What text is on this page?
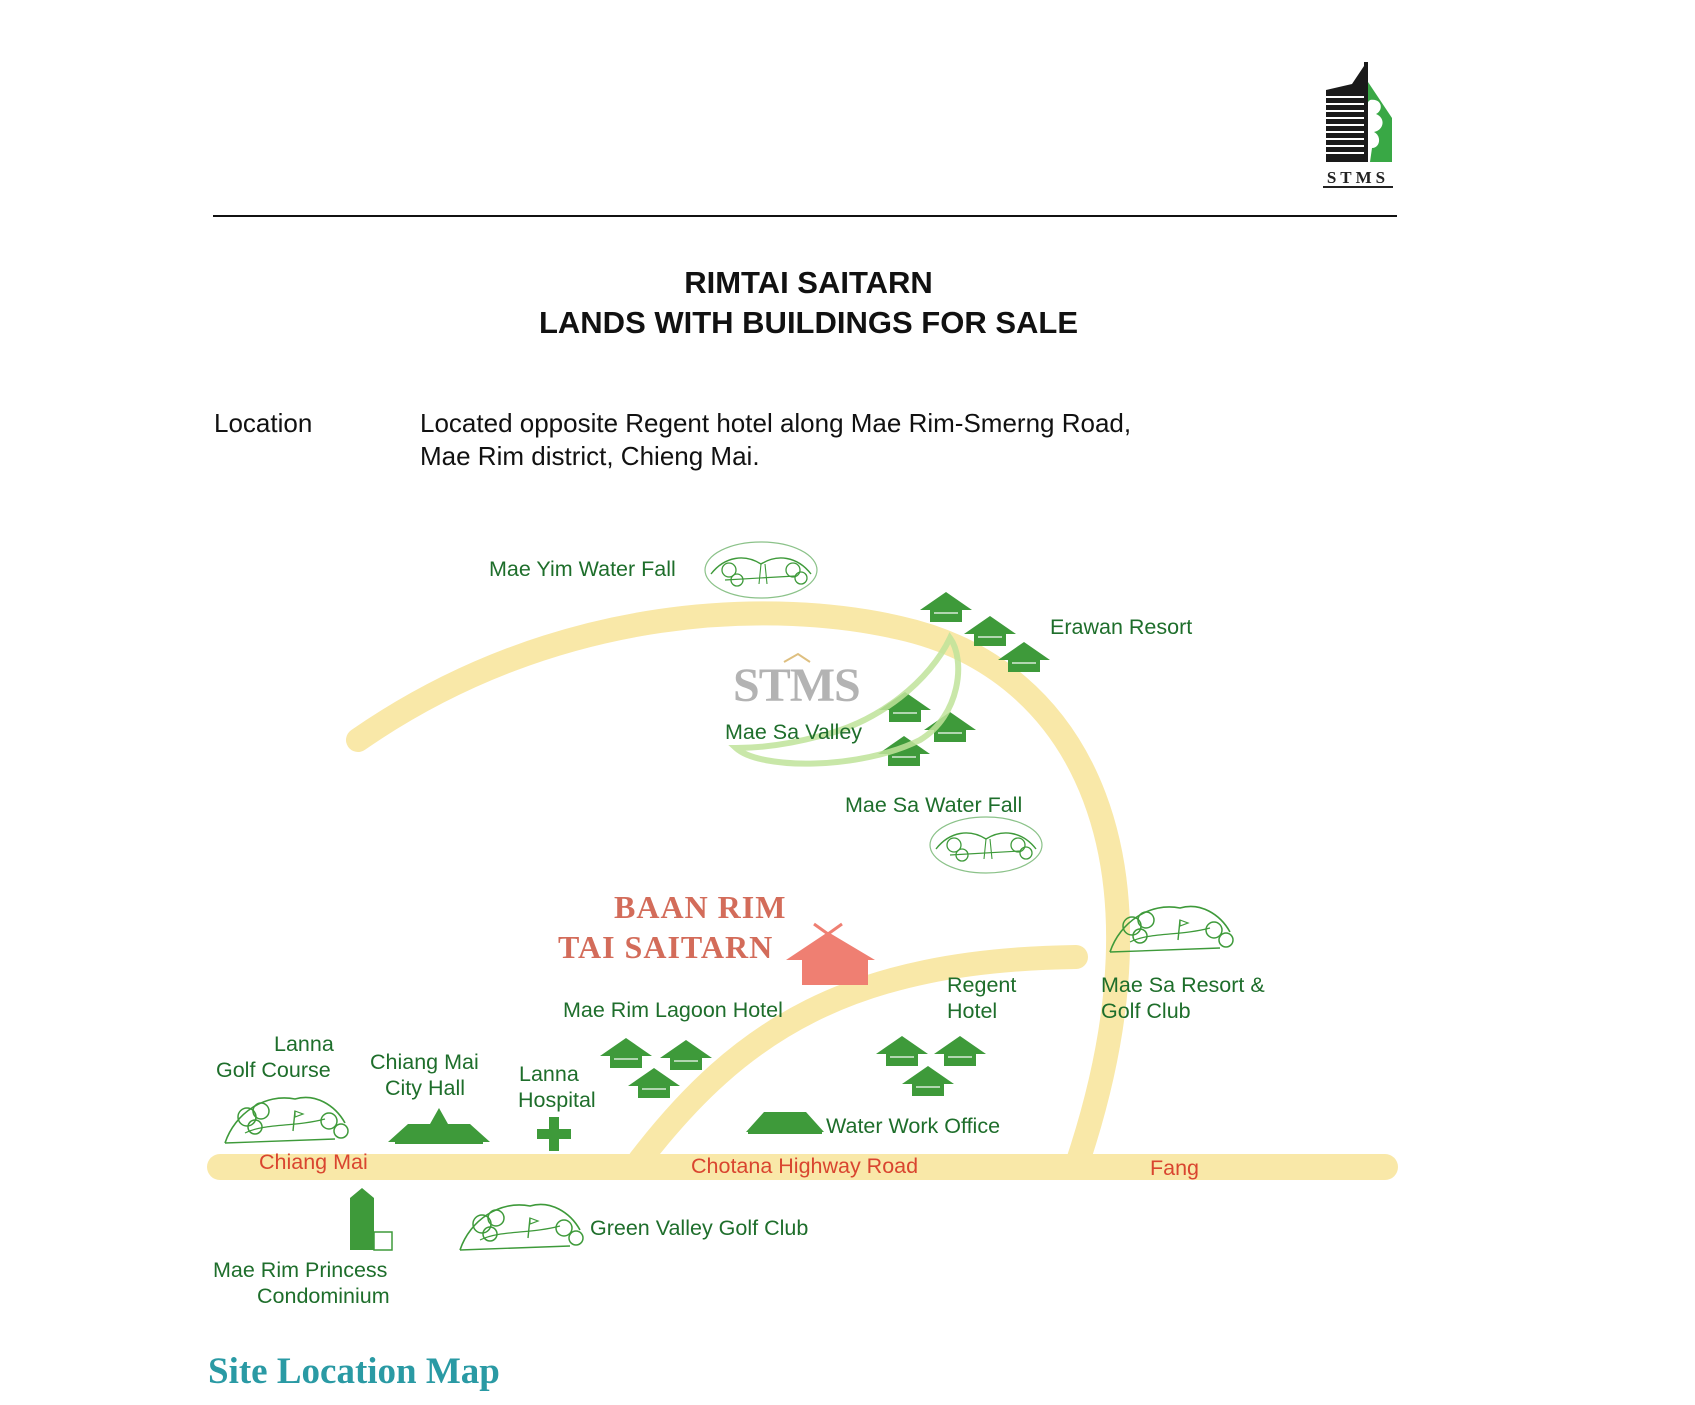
STMS
RIMTAI SAITARN
LANDS WITH BUILDINGS FOR SALE
Location	Located opposite Regent hotel along Mae Rim-Smerng Road,
Mae Rim district, Chieng Mai.
STMS
Mae Yim Water Fall
Erawan Resort
Mae Sa Valley
Mae Sa Water Fall
Regent
Hotel
Mae Sa Resort &
Golf Club
Mae Rim Lagoon Hotel
Lanna
Golf Course Chiang Mai
City Hall
Lanna
Hospital
Water Work Office
Green Valley Golf Club
Mae Rim Princess
Condominium
Chiang Mai	Chotana Highway Road	Fang
BAAN RIM
TAI SAITARN
Site Location Map
